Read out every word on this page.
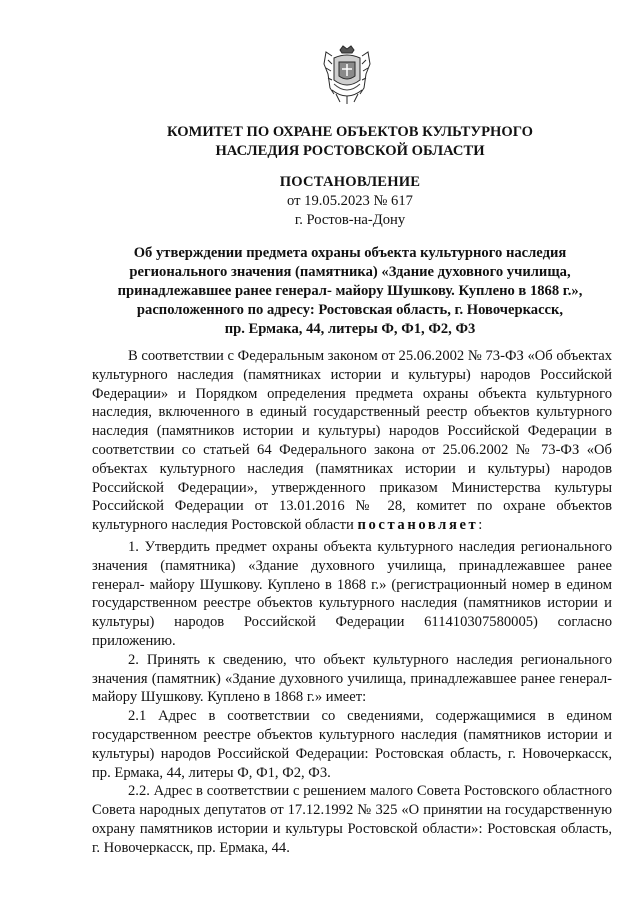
КОМИТЕТ ПО ОХРАНЕ ОБЪЕКТОВ КУЛЬТУРНОГО
НАСЛЕДИЯ РОСТОВСКОЙ ОБЛАСТИ
ПОСТАНОВЛЕНИЕ
от 19.05.2023 № 617
г. Ростов-на-Дону
Об утверждении предмета охраны объекта культурного наследия
регионального значения (памятника) «Здание духовного училища,
принадлежавшее ранее генерал- майору Шушкову. Куплено в 1868 г.»,
расположенного по адресу: Ростовская область, г. Новочеркасск,
пр. Ермака, 44, литеры Ф, Ф1, Ф2, Ф3

В соответствии с Федеральным законом от 25.06.2002 № 73-ФЗ «Об объектах культурного наследия (памятниках истории и культуры) народов Российской Федерации» и Порядком определения предмета охраны объекта культурного наследия, включенного в единый государственный реестр объектов культурного наследия (памятников истории и культуры) народов Российской Федерации в соответствии со статьей 64 Федерального закона от 25.06.2002 № 73-ФЗ «Об объектах культурного наследия (памятниках истории и культуры) народов Российской Федерации», утвержденного приказом Министерства культуры Российской Федерации от 13.01.2016 № 28, комитет по охране объектов культурного наследия Ростовской области постановляет:

1. Утвердить предмет охраны объекта культурного наследия регионального значения (памятника) «Здание духовного училища, принадлежавшее ранее генерал- майору Шушкову. Куплено в 1868 г.» (регистрационный номер в едином государственном реестре объектов культурного наследия (памятников истории и культуры) народов Российской Федерации 611410307580005) согласно приложению.

2. Принять к сведению, что объект культурного наследия регионального значения (памятник) «Здание духовного училища, принадлежавшее ранее генерал- майору Шушкову. Куплено в 1868 г.» имеет:

2.1 Адрес в соответствии со сведениями, содержащимися в едином государственном реестре объектов культурного наследия (памятников истории и культуры) народов Российской Федерации: Ростовская область, г. Новочеркасск, пр. Ермака, 44, литеры Ф, Ф1, Ф2, Ф3.

2.2. Адрес в соответствии с решением малого Совета Ростовского областного Совета народных депутатов от 17.12.1992 № 325 «О принятии на государственную охрану памятников истории и культуры Ростовской области»: Ростовская область, г. Новочеркасск, пр. Ермака, 44.
